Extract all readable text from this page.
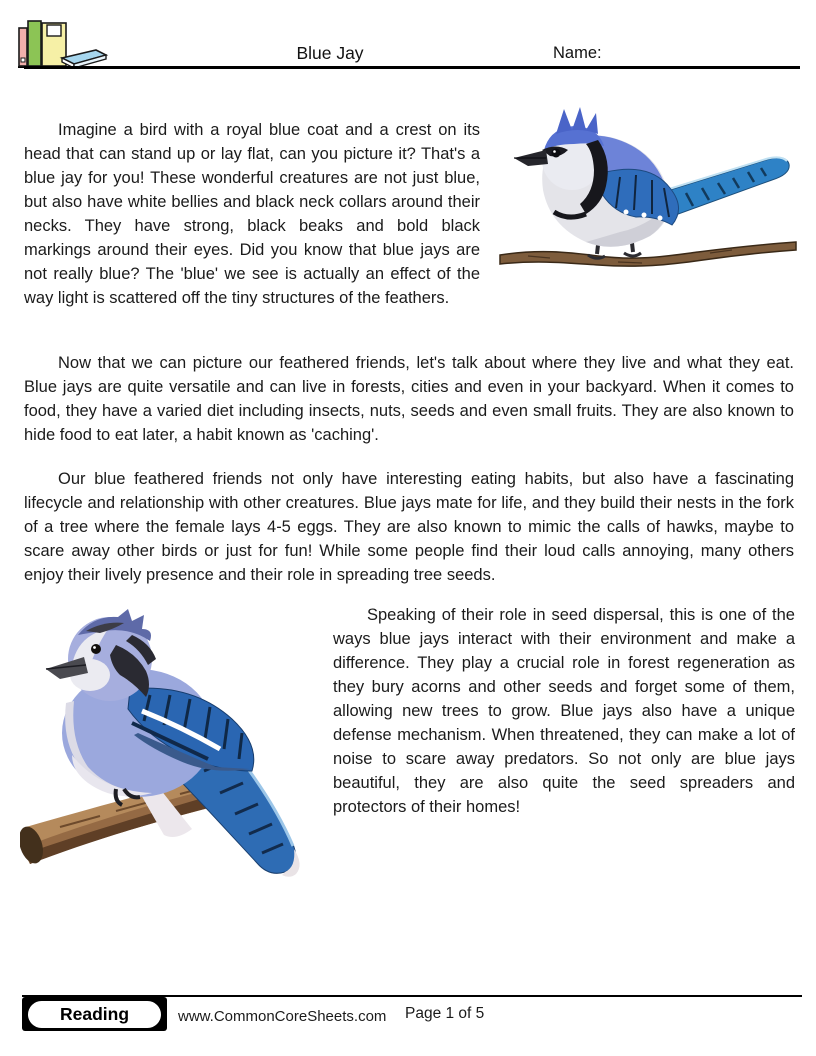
Blue Jay	Name:

Imagine a bird with a royal blue coat and a crest on its head that can stand up or lay flat, can you picture it? That's a blue jay for you! These wonderful creatures are not just blue, but also have white bellies and black neck collars around their necks. They have strong, black beaks and bold black markings around their eyes. Did you know that blue jays are not really blue? The 'blue' we see is actually an effect of the way light is scattered off the tiny structures of the feathers.

Now that we can picture our feathered friends, let's talk about where they live and what they eat. Blue jays are quite versatile and can live in forests, cities and even in your backyard. When it comes to food, they have a varied diet including insects, nuts, seeds and even small fruits. They are also known to hide food to eat later, a habit known as 'caching'.

Our blue feathered friends not only have interesting eating habits, but also have a fascinating lifecycle and relationship with other creatures. Blue jays mate for life, and they build their nests in the fork of a tree where the female lays 4-5 eggs. They are also known to mimic the calls of hawks, maybe to scare away other birds or just for fun! While some people find their loud calls annoying, many others enjoy their lively presence and their role in spreading tree seeds.

Speaking of their role in seed dispersal, this is one of the ways blue jays interact with their environment and make a difference. They play a crucial role in forest regeneration as they bury acorns and other seeds and forget some of them, allowing new trees to grow. Blue jays also have a unique defense mechanism. When threatened, they can make a lot of noise to scare away predators. So not only are blue jays beautiful, they are also quite the seed spreaders and protectors of their homes!

Reading	www.CommonCoreSheets.com Page 1 of 5
